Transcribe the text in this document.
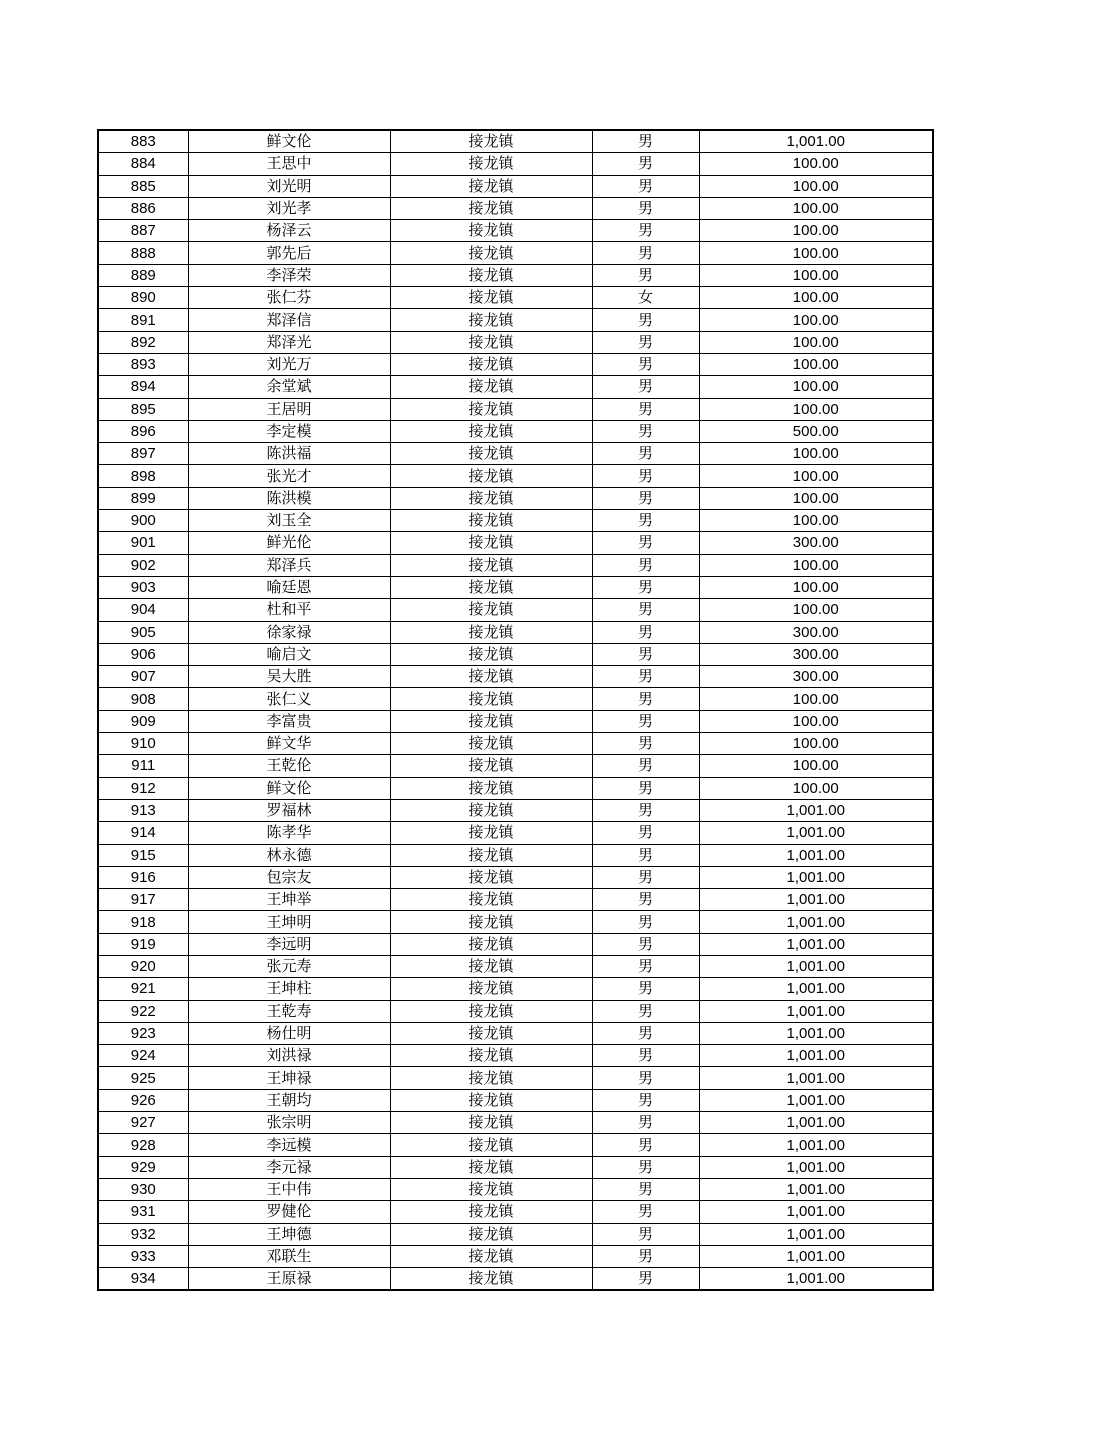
883	鲜文伦	接龙镇	男	1,001.00
884	王思中	接龙镇	男	100.00
885	刘光明	接龙镇	男	100.00
886	刘光孝	接龙镇	男	100.00
887	杨泽云	接龙镇	男	100.00
888	郭先后	接龙镇	男	100.00
889	李泽荣	接龙镇	男	100.00
890	张仁芬	接龙镇	女	100.00
891	郑泽信	接龙镇	男	100.00
892	郑泽光	接龙镇	男	100.00
893	刘光万	接龙镇	男	100.00
894	余堂斌	接龙镇	男	100.00
895	王居明	接龙镇	男	100.00
896	李定模	接龙镇	男	500.00
897	陈洪福	接龙镇	男	100.00
898	张光才	接龙镇	男	100.00
899	陈洪模	接龙镇	男	100.00
900	刘玉全	接龙镇	男	100.00
901	鲜光伦	接龙镇	男	300.00
902	郑泽兵	接龙镇	男	100.00
903	喻廷恩	接龙镇	男	100.00
904	杜和平	接龙镇	男	100.00
905	徐家禄	接龙镇	男	300.00
906	喻启文	接龙镇	男	300.00
907	吴大胜	接龙镇	男	300.00
908	张仁义	接龙镇	男	100.00
909	李富贵	接龙镇	男	100.00
910	鲜文华	接龙镇	男	100.00
911	王乾伦	接龙镇	男	100.00
912	鲜文伦	接龙镇	男	100.00
913	罗福林	接龙镇	男	1,001.00
914	陈孝华	接龙镇	男	1,001.00
915	林永德	接龙镇	男	1,001.00
916	包宗友	接龙镇	男	1,001.00
917	王坤举	接龙镇	男	1,001.00
918	王坤明	接龙镇	男	1,001.00
919	李远明	接龙镇	男	1,001.00
920	张元寿	接龙镇	男	1,001.00
921	王坤柱	接龙镇	男	1,001.00
922	王乾寿	接龙镇	男	1,001.00
923	杨仕明	接龙镇	男	1,001.00
924	刘洪禄	接龙镇	男	1,001.00
925	王坤禄	接龙镇	男	1,001.00
926	王朝均	接龙镇	男	1,001.00
927	张宗明	接龙镇	男	1,001.00
928	李远模	接龙镇	男	1,001.00
929	李元禄	接龙镇	男	1,001.00
930	王中伟	接龙镇	男	1,001.00
931	罗健伦	接龙镇	男	1,001.00
932	王坤德	接龙镇	男	1,001.00
933	邓联生	接龙镇	男	1,001.00
934	王原禄	接龙镇	男	1,001.00
